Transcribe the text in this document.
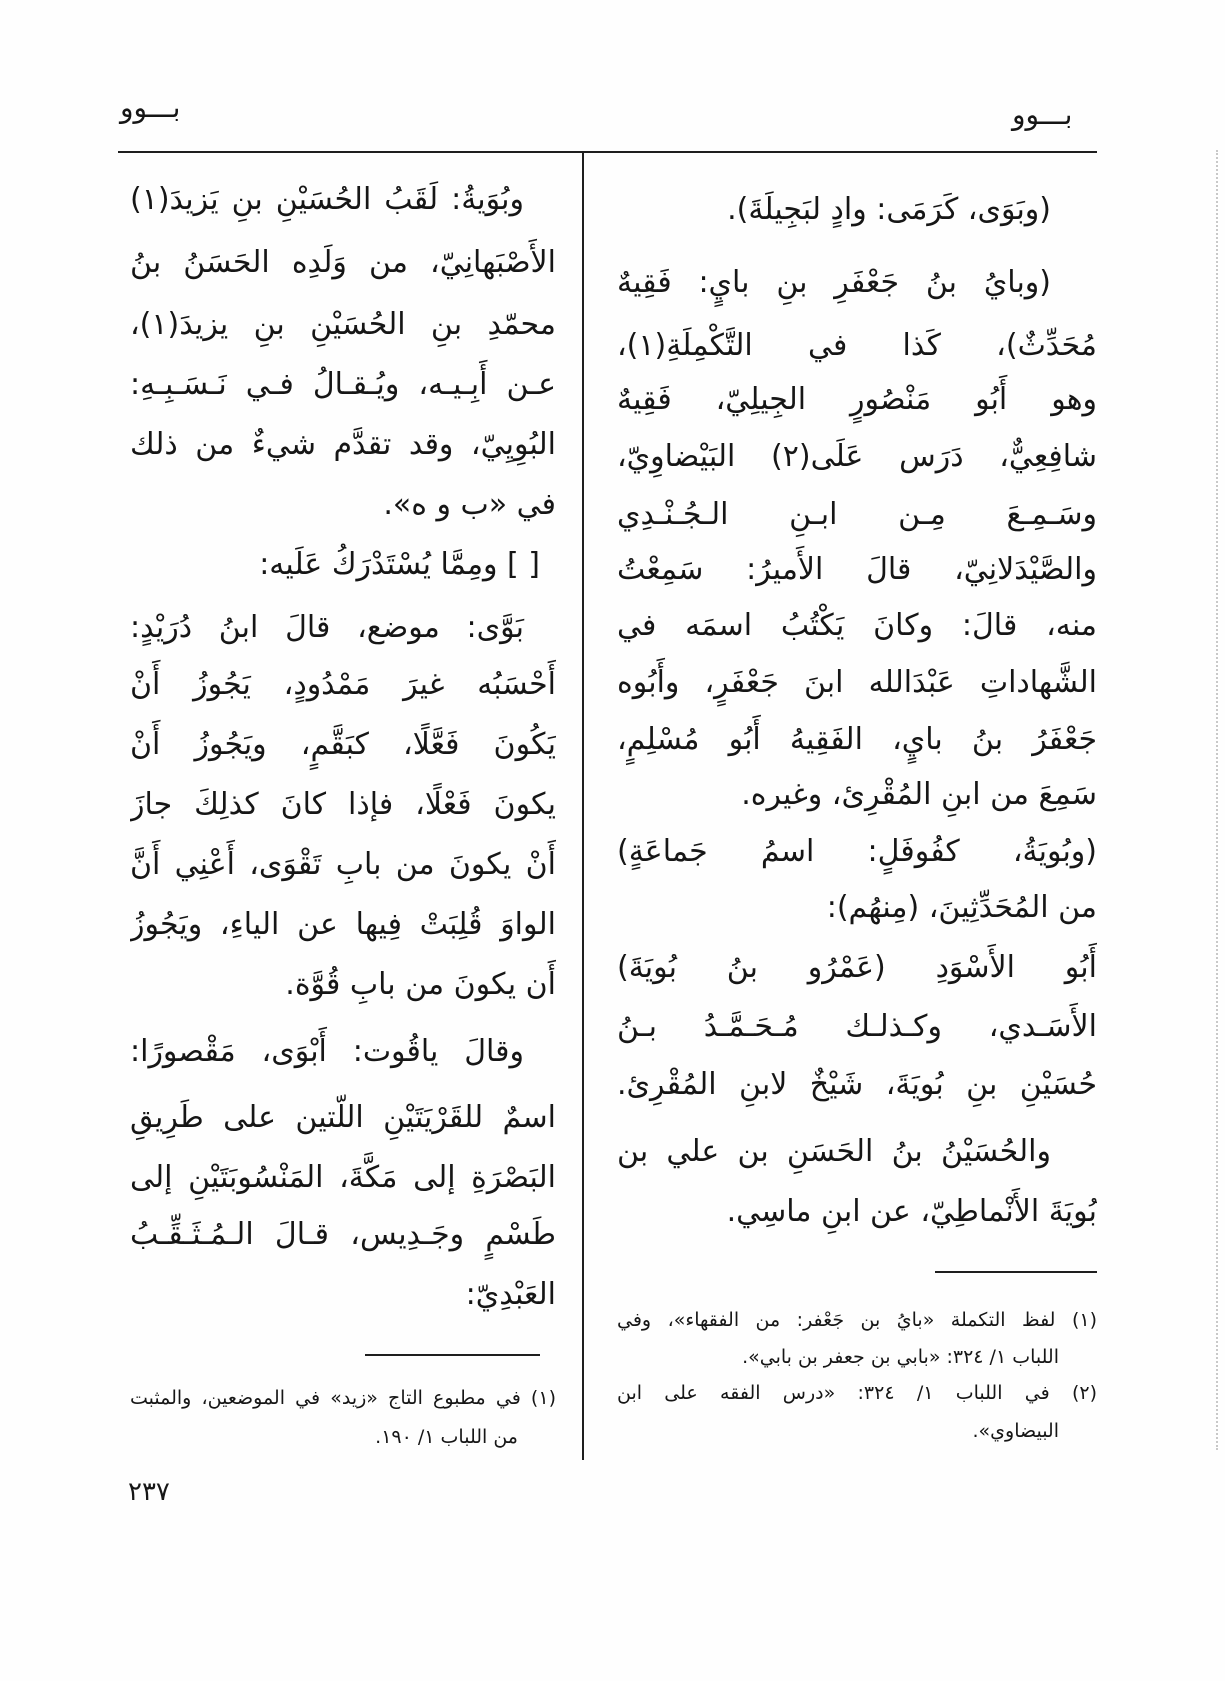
بـــوو	بـــوو
(وبَوَى، كَرَمَى: وادٍ لبَجِيلَةَ).
(وبايُ بنُ جَعْفَرِ بنِ بايٍ: فَقِيهٌ
مُحَدِّثٌ)، كَذا في التَّكْمِلَةِ(١)،
وهو أَبُو مَنْصُورٍ الجِيلِيّ، فَقِيهٌ
شافِعِيٌّ، دَرَس عَلَى(٢) البَيْضاوِيّ،
وسَـمِـعَ مِـن ابـنِ الـجُـنْـدِي
والصَّيْدَلانِيّ، قالَ الأَميرُ: سَمِعْتُ
منه، قالَ: وكانَ يَكْتُبُ اسمَه في
الشَّهاداتِ عَبْدَالله ابنَ جَعْفَرٍ، وأَبُوه
جَعْفَرُ بنُ بايٍ، الفَقِيهُ أَبُو مُسْلِمٍ،
سَمِعَ من ابنِ المُقْرِئ، وغيره.
(وبُويَةُ، كفُوفَلٍ: اسمُ جَماعَةٍ)
من المُحَدِّثِينَ، (مِنهُم):
أَبُو الأَسْوَدِ (عَمْرُو بنُ بُويَةَ)
الأَسَـدي، وكـذلـك مُـحَـمَّـدُ بـنُ
حُسَيْنِ بنِ بُويَةَ، شَيْخٌ لابنِ المُقْرِئ.
والحُسَيْنُ بنُ الحَسَنِ بن علي بن
بُويَةَ الأَنْماطِيّ، عن ابنِ ماسِي.
(١) لفظ التكملة «بايُ بن جَعْفر: من الفقهاء»، وفي
اللباب ١/ ٣٢٤: «بابي بن جعفر بن بابي».
(٢) في اللباب ١/ ٣٢٤: «درس الفقه على ابن
البيضاوي».
وبُوَيةُ: لَقَبُ الحُسَيْنِ بنِ يَزيدَ(١)
الأَصْبَهانِيّ، من وَلَدِه الحَسَنُ بنُ
محمّدِ بنِ الحُسَيْنِ بنِ يزيدَ(١)،
عـن أَبِـيـه، ويُـقـالُ فـي نَـسَـبِـهِ:
البُوِيِيّ، وقد تقدَّم شيءٌ من ذلك
في «ب و ه».
[ ] ومِمَّا يُسْتَدْرَكُ عَلَيه:
بَوَّى: موضع، قالَ ابنُ دُرَيْدٍ:
أَحْسَبُه غيرَ مَمْدُودٍ، يَجُوزُ أَنْ
يَكُونَ فَعَّلًا، كبَقَّمٍ، ويَجُوزُ أَنْ
يكونَ فَعْلًا، فإذا كانَ كذلِكَ جازَ
أَنْ يكونَ من بابِ تَقْوَى، أَعْنِي أَنَّ
الواوَ قُلِبَتْ فِيها عن الياءِ، ويَجُوزُ
أَن يكونَ من بابِ قُوَّة.
وقالَ ياقُوت: أَبْوَى، مَقْصورًا:
اسمٌ للقَرْيَتَيْنِ اللّتين على طَرِيقِ
البَصْرَةِ إلى مَكَّةَ، المَنْسُوبَتَيْنِ إلى
طَسْمٍ وجَـدِيس، قـالَ الـمُـثَـقِّـبُ
العَبْدِيّ:
(١) في مطبوع التاج «زيد» في الموضعين، والمثبت
من اللباب ١/ ١٩٠.
٢٣٧
